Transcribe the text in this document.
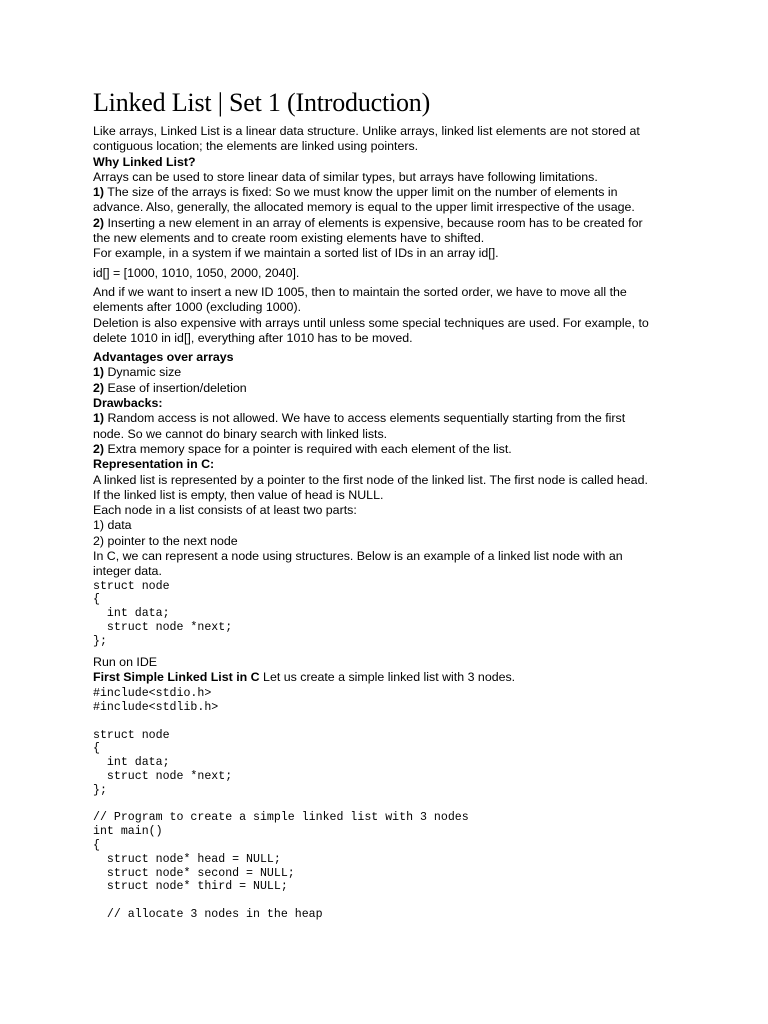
Linked List | Set 1 (Introduction)
Like arrays, Linked List is a linear data structure. Unlike arrays, linked list elements are not stored at
contiguous location; the elements are linked using pointers.
Why Linked List?
Arrays can be used to store linear data of similar types, but arrays have following limitations.
1) The size of the arrays is fixed: So we must know the upper limit on the number of elements in
advance. Also, generally, the allocated memory is equal to the upper limit irrespective of the usage.
2) Inserting a new element in an array of elements is expensive, because room has to be created for
the new elements and to create room existing elements have to shifted.
For example, in a system if we maintain a sorted list of IDs in an array id[].
id[] = [1000, 1010, 1050, 2000, 2040].
And if we want to insert a new ID 1005, then to maintain the sorted order, we have to move all the
elements after 1000 (excluding 1000).
Deletion is also expensive with arrays until unless some special techniques are used. For example, to
delete 1010 in id[], everything after 1010 has to be moved.
Advantages over arrays
1) Dynamic size
2) Ease of insertion/deletion
Drawbacks:
1) Random access is not allowed. We have to access elements sequentially starting from the first
node. So we cannot do binary search with linked lists.
2) Extra memory space for a pointer is required with each element of the list.
Representation in C:
A linked list is represented by a pointer to the first node of the linked list. The first node is called head.
If the linked list is empty, then value of head is NULL.
Each node in a list consists of at least two parts:
1) data
2) pointer to the next node
In C, we can represent a node using structures. Below is an example of a linked list node with an
integer data.
struct node
{
int data;
struct node *next;
};
Run on IDE
First Simple Linked List in C Let us create a simple linked list with 3 nodes.
#include<stdio.h>
#include<stdlib.h>

struct node
{
int data;
struct node *next;
};

// Program to create a simple linked list with 3 nodes
int main()
{
struct node* head = NULL;
struct node* second = NULL;
struct node* third = NULL;

// allocate 3 nodes in the heap
